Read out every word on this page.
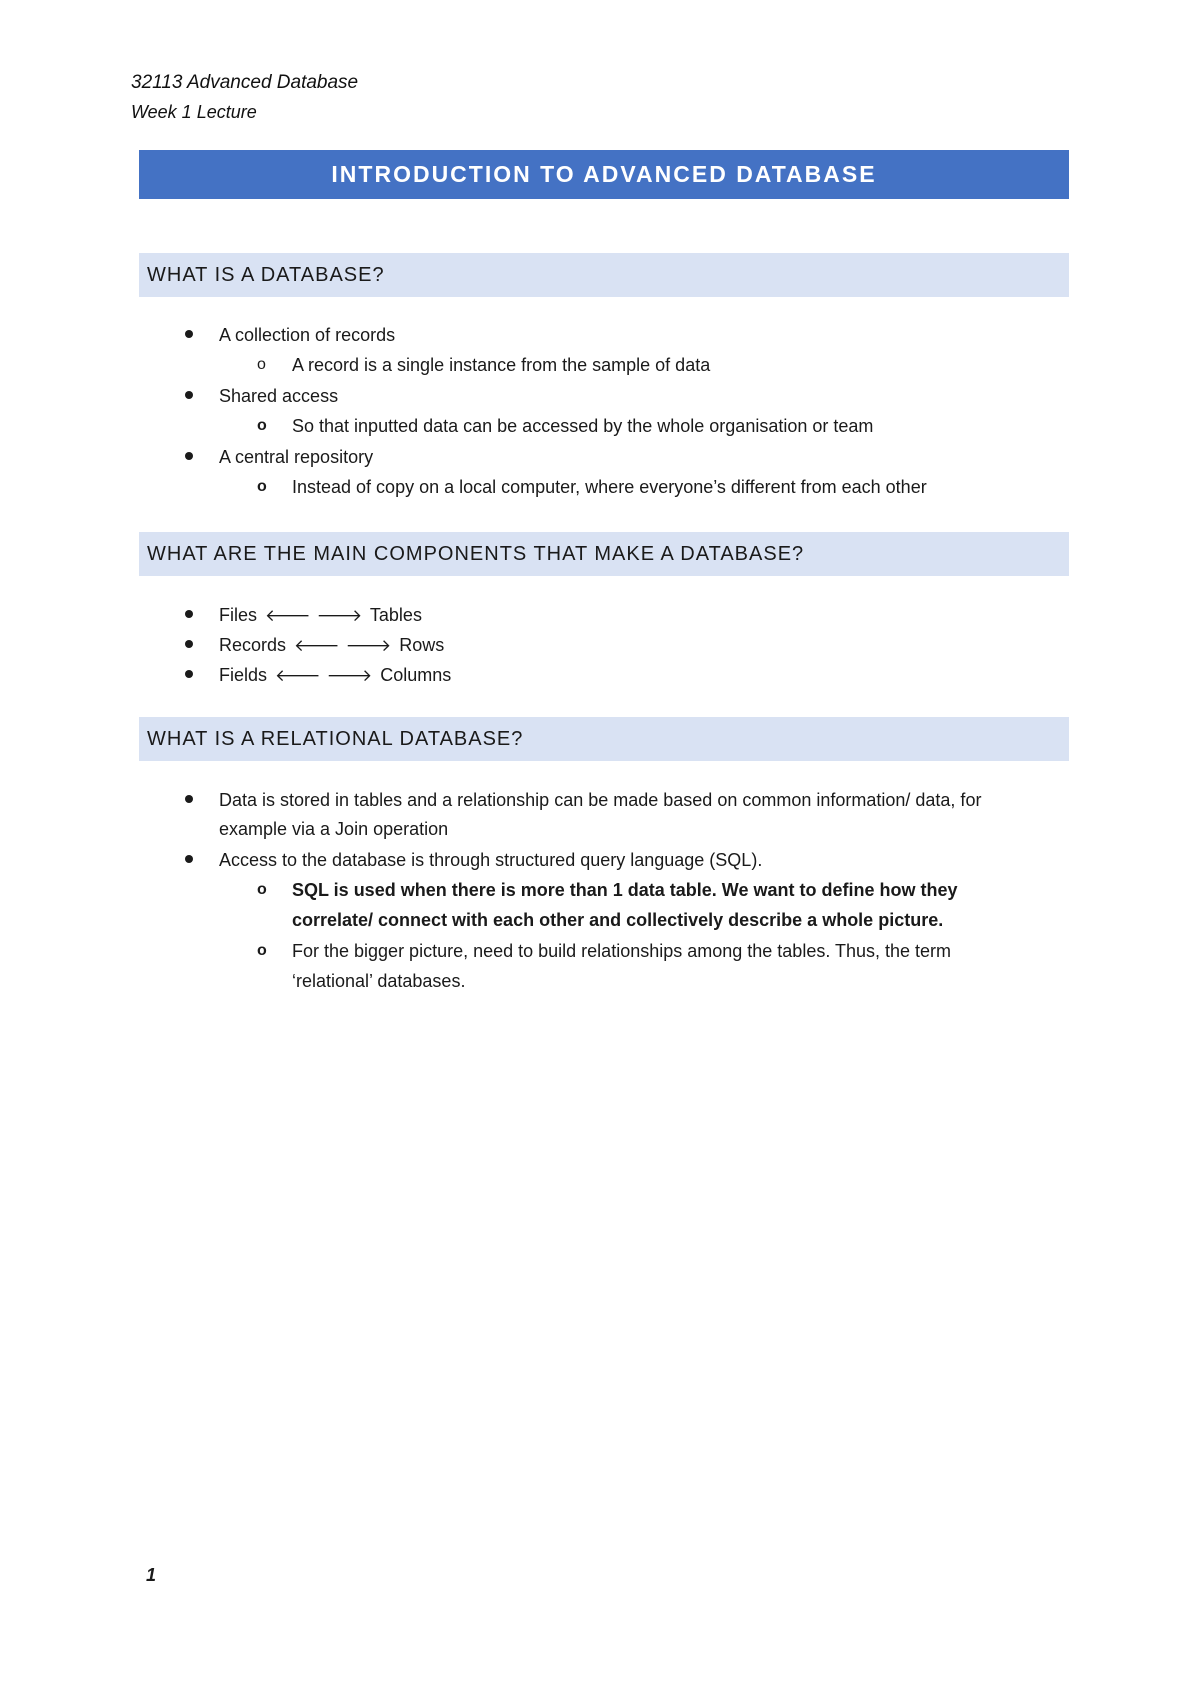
32113 Advanced Database
Week 1 Lecture
INTRODUCTION TO ADVANCED DATABASE
WHAT IS A DATABASE?
A collection of records
o A record is a single instance from the sample of data
Shared access
o So that inputted data can be accessed by the whole organisation or team
A central repository
o Instead of copy on a local computer, where everyone’s different from each other
WHAT ARE THE MAIN COMPONENTS THAT MAKE A DATABASE?
Files 🡐 🡒 Tables
Records 🡐 🡒 Rows
Fields 🡐 🡒 Columns
WHAT IS A RELATIONAL DATABASE?
Data is stored in tables and a relationship can be made based on common information/ data, for
example via a Join operation
Access to the database is through structured query language (SQL).
o SQL is used when there is more than 1 data table. We want to define how they
correlate/ connect with each other and collectively describe a whole picture.
o For the bigger picture, need to build relationships among the tables. Thus, the term
‘relational’ databases.
1
